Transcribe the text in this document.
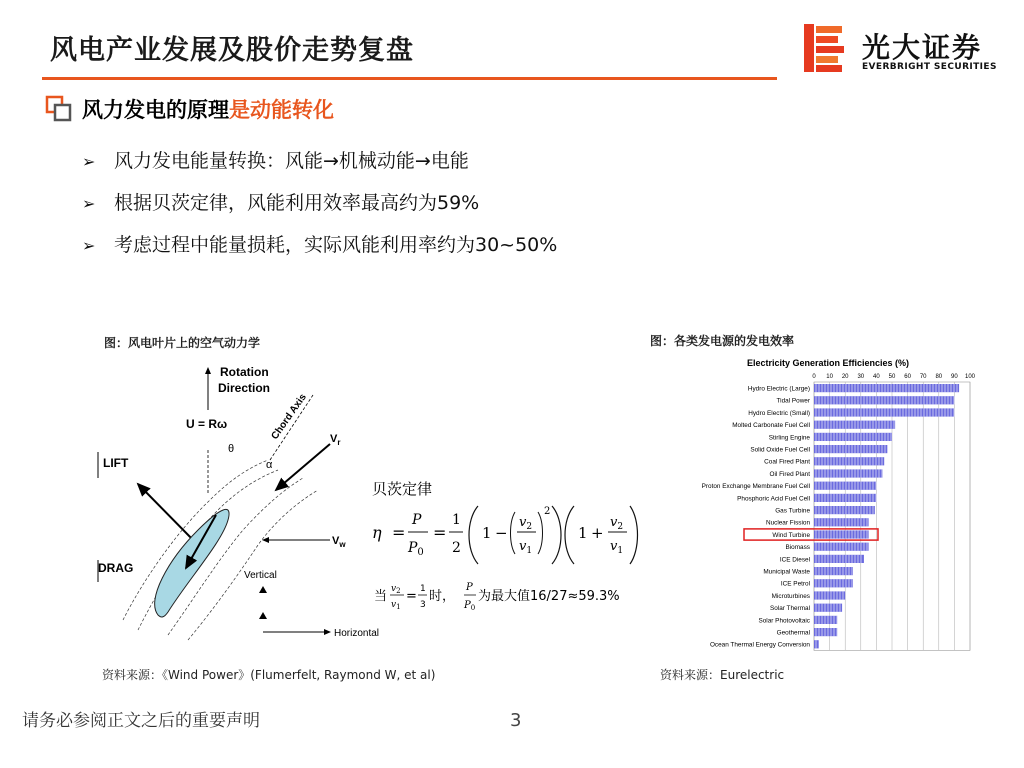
风电产业发展及股价走势复盘	光大证券
EVERBRIGHT SECURITIES
风力发电的原理是动能转化
➢ 风力发电能量转换：风能→机械动能→电能
➢ 根据贝茨定律，风能利用效率最高约为59%
➢ 考虑过程中能量损耗，实际风能利用率约为30~50%
图：风电叶片上的空气动力学
Rotation
Direction
U = Rω	Chord Axis $V_r$
θ
α
LIFT
DRAG
$V_w$
Vertical
Horizontal
贝茨定律
η =
P
$P_0$
=
1
2
1 −
$v_2$
$v_1$
2
1 +
$v_2$
$v_1$
当 $v_2$
$v_1$
= 1
3
时，
P
$P_0$
为最大值16/27≈59.3%
资料来源：《Wind Power》(Flumerfelt, Raymond W, et al)
图：各类发电源的发电效率
Electricity Generation Efficiencies (%)
0 10 20 30 40 50 60 70 80 90 100
Hydro Electric (Large)
Tidal Power
Hydro Electric (Small)
Molted Carbonate Fuel Cell
Stirling Engine
Solid Oxide Fuel Cell
Coal Fired Plant
Oil Fired Plant
Proton Exchange Membrane Fuel Cell
Phosphoric Acid Fuel Cell
Gas Turbine
Nuclear Fission
Wind Turbine
Biomass
ICE Diesel
Municipal Waste
ICE Petrol
Microturbines
Solar Thermal
Solar Photovoltaic
Geothermal
Ocean Thermal Energy Conversion
资料来源：Eurelectric
请务必参阅正文之后的重要声明	3
